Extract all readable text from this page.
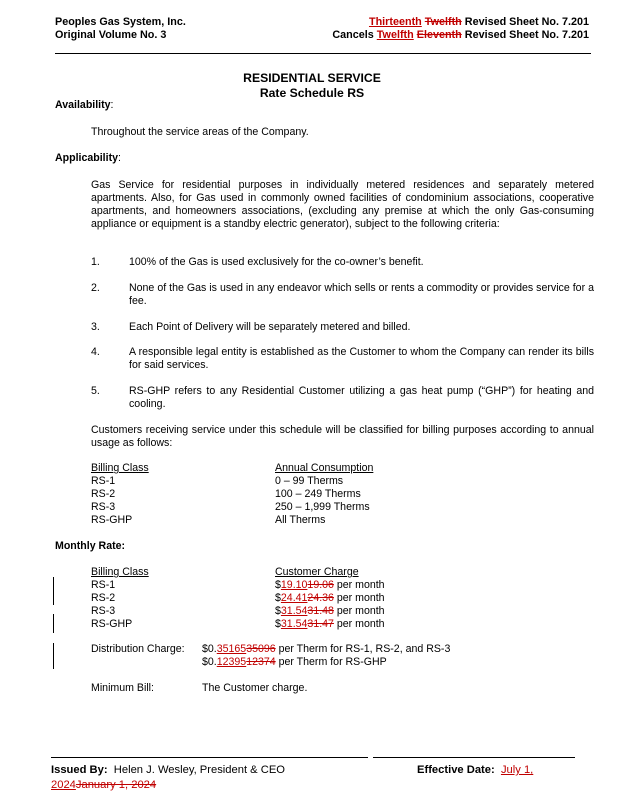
Peoples Gas System, Inc.	Thirteenth Twelfth Revised Sheet No. 7.201
Original Volume No. 3	Cancels Twelfth Eleventh Revised Sheet No. 7.201
RESIDENTIAL SERVICE
Rate Schedule RS
Availability:
Throughout the service areas of the Company.
Applicability:
Gas Service for residential purposes in individually metered residences and separately metered apartments. Also, for Gas used in commonly owned facilities of condominium associations, cooperative apartments, and homeowners associations, (excluding any premise at which the only Gas-consuming appliance or equipment is a standby electric generator), subject to the following criteria:
1.	100% of the Gas is used exclusively for the co-owner’s benefit.
2.	None of the Gas is used in any endeavor which sells or rents a commodity or provides service for a fee.
3.	Each Point of Delivery will be separately metered and billed.
4.	A responsible legal entity is established as the Customer to whom the Company can render its bills for said services.
5.	RS-GHP refers to any Residential Customer utilizing a gas heat pump (“GHP”) for heating and cooling.
Customers receiving service under this schedule will be classified for billing purposes according to annual usage as follows:
Billing Class	Annual Consumption
RS-1	0 – 99 Therms
RS-2	100 – 249 Therms
RS-3	250 – 1,999 Therms
RS-GHP	All Therms
Monthly Rate:
Billing Class	Customer Charge
RS-1	$19.1019.06 per month
RS-2	$24.4124.36 per month
RS-3	$31.5431.48 per month
RS-GHP	$31.5431.47 per month
Distribution Charge: $0.3516535096 per Therm for RS-1, RS-2, and RS-3
$0.1239512374 per Therm for RS-GHP
Minimum Bill:	The Customer charge.
Issued By: Helen J. Wesley, President & CEO	Effective Date: July 1,
2024January 1, 2024
